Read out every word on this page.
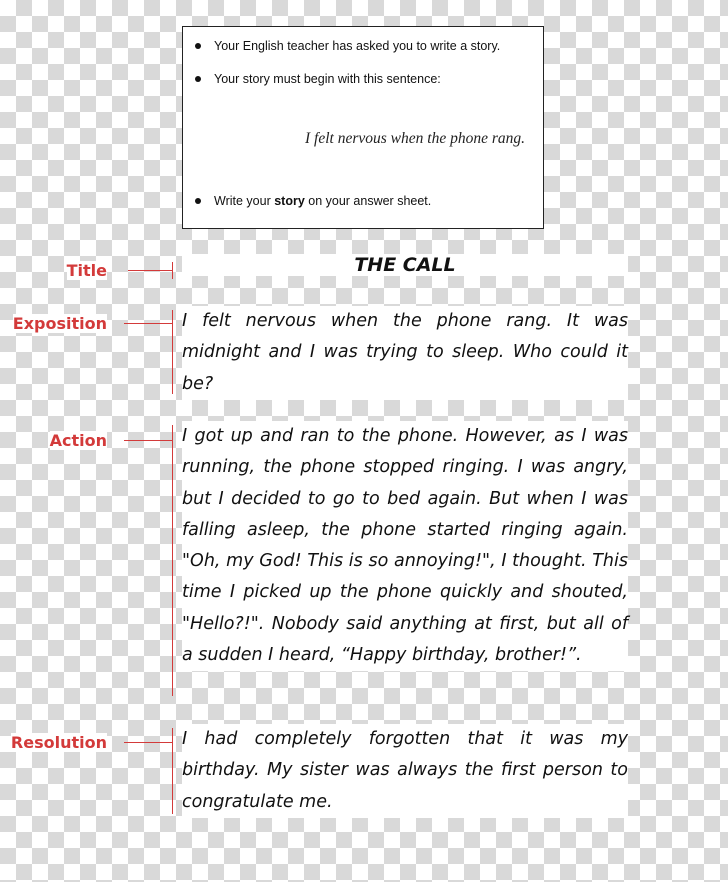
Your English teacher has asked you to write a story.
Your story must begin with this sentence:
I felt nervous when the phone rang.
Write your story on your answer sheet.
THE CALL
I felt nervous when the phone rang. It was midnight and I was trying to sleep. Who could it be?
I got up and ran to the phone. However, as I was running, the phone stopped ringing. I was angry, but I decided to go to bed again. But when I was falling asleep, the phone started ringing again. "Oh, my God! This is so annoying!", I thought. This time I picked up the phone quickly and shouted, "Hello?!". Nobody said anything at first, but all of a sudden I heard, “Happy birthday, brother!”.
I had completely forgotten that it was my birthday. My sister was always the first person to congratulate me.
Title
Exposition
Action
Resolution
